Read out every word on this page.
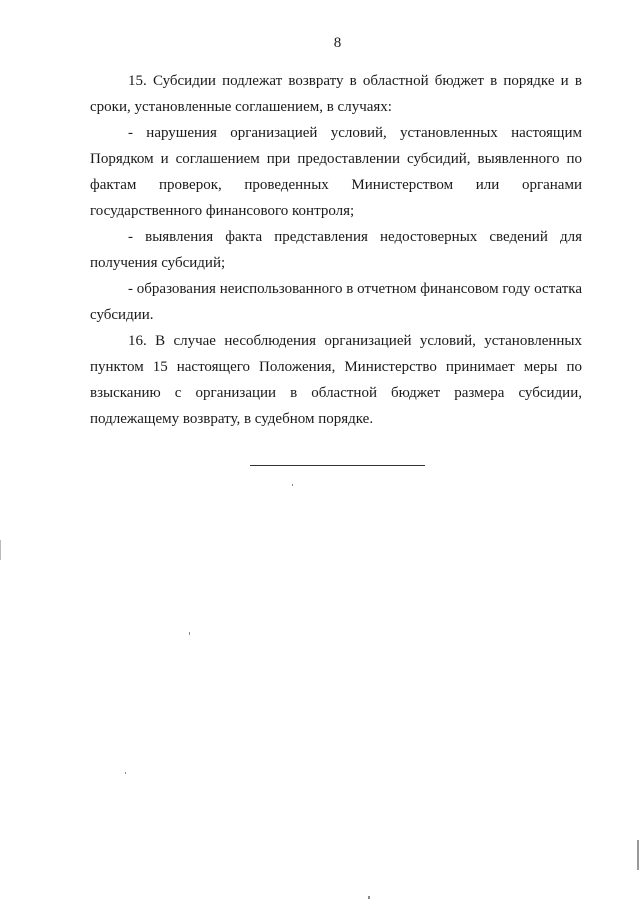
8

15. Субсидии подлежат возврату в областной бюджет в порядке и в сроки, установленные соглашением, в случаях:

- нарушения организацией условий, установленных настоящим Порядком и соглашением при предоставлении субсидий, выявленного по фактам проверок, проведенных Министерством или органами государственного финансового контроля;

- выявления факта представления недостоверных сведений для получения субсидий;

- образования неиспользованного в отчетном финансовом году остатка субсидии.

16. В случае несоблюдения организацией условий, установленных пунктом 15 настоящего Положения, Министерство принимает меры по взысканию с организации в областной бюджет размера субсидии, подлежащему возврату, в судебном порядке.
